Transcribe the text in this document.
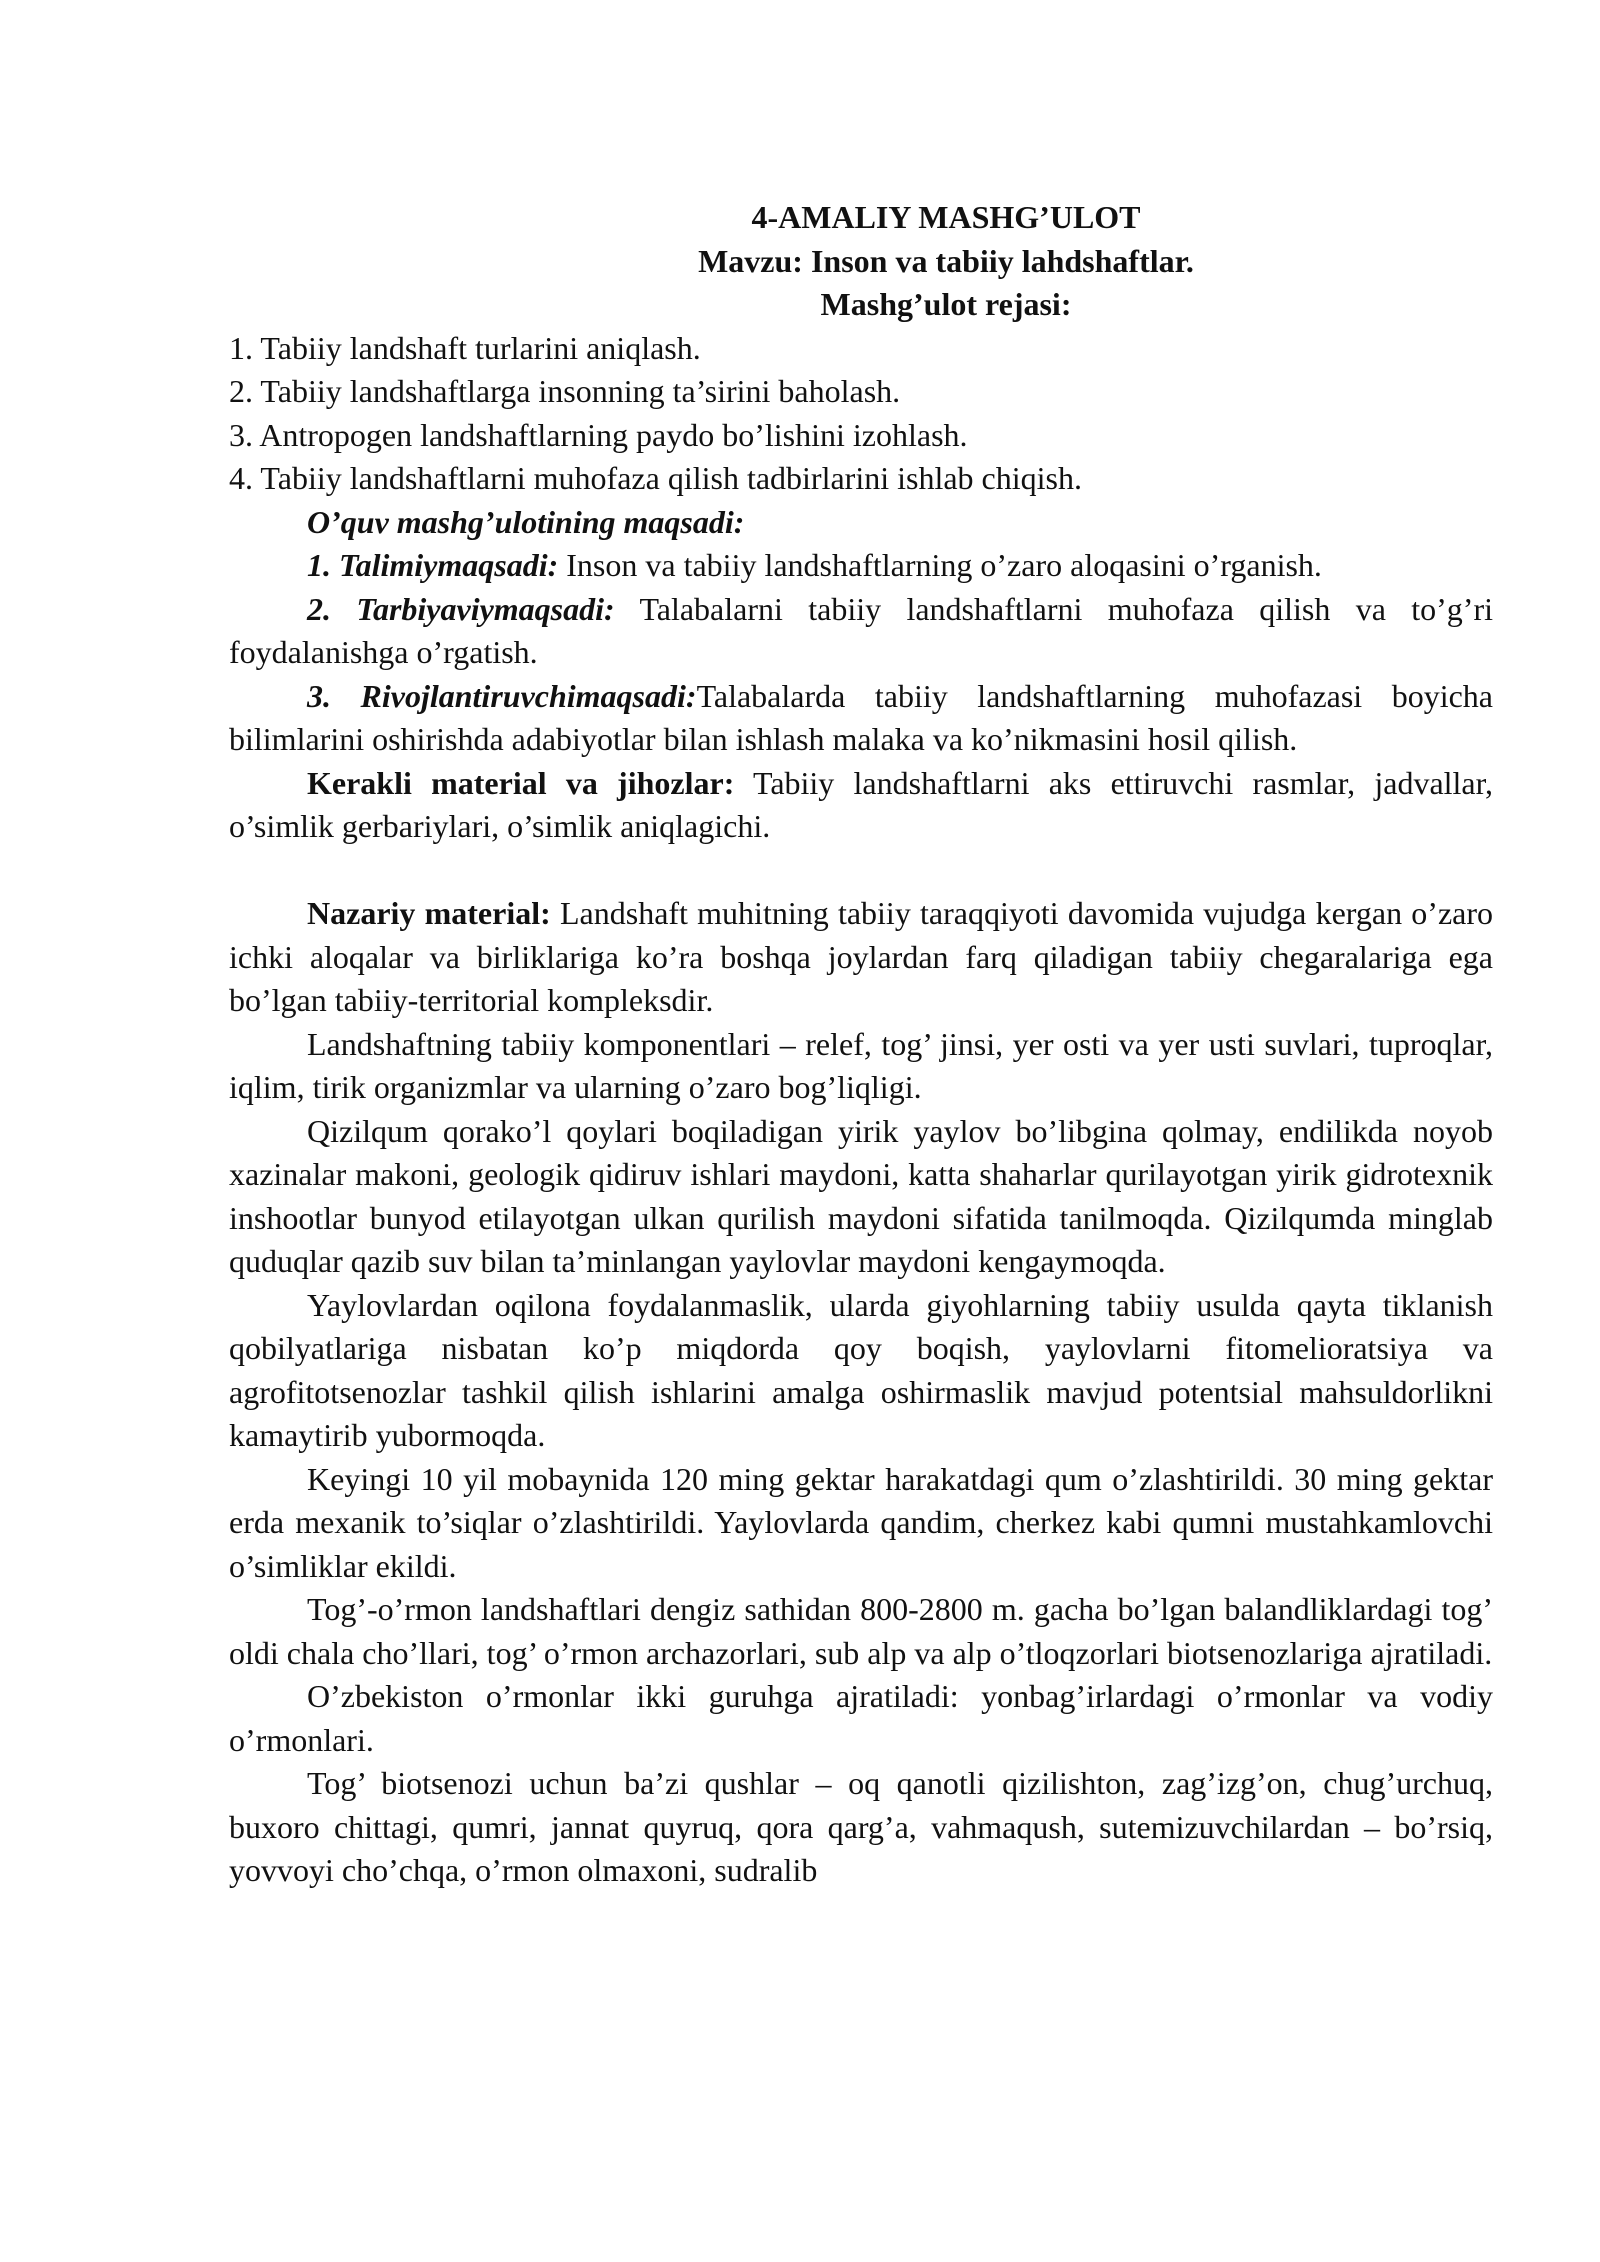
4-AMALIY MASHG’ULOT
Mavzu: Inson va tabiiy lahdshaftlar.
Mashg’ulot rejasi:
1. Tabiiy landshaft turlarini aniqlash.
2. Tabiiy landshaftlarga insonning ta’sirini baholash.
3. Antropogen landshaftlarning paydo bo’lishini izohlash.
4. Tabiiy landshaftlarni muhofaza qilish tadbirlarini ishlab chiqish.
O’quv mashg’ulotining maqsadi:
1. Talimiymaqsadi: Inson va tabiiy landshaftlarning o’zaro aloqasini o’rganish.
2. Tarbiyaviymaqsadi: Talabalarni tabiiy landshaftlarni muhofaza qilish va to’g’ri foydalanishga o’rgatish.
3. Rivojlantiruvchimaqsadi:Talabalarda tabiiy landshaftlarning muhofazasi boyicha bilimlarini oshirishda adabiyotlar bilan ishlash malaka va ko’nikmasini hosil qilish.
Kerakli material va jihozlar: Tabiiy landshaftlarni aks ettiruvchi rasmlar, jadvallar, o’simlik gerbariylari, o’simlik aniqlagichi.
Nazariy material: Landshaft muhitning tabiiy taraqqiyoti davomida vujudga kergan o’zaro ichki aloqalar va birliklariga ko’ra boshqa joylardan farq qiladigan tabiiy chegaralariga ega bo’lgan tabiiy-territorial kompleksdir.
Landshaftning tabiiy komponentlari – relef, tog’ jinsi, yer osti va yer usti suvlari, tuproqlar, iqlim, tirik organizmlar va ularning o’zaro bog’liqligi.
Qizilqum qorako’l qoylari boqiladigan yirik yaylov bo’libgina qolmay, endilikda noyob xazinalar makoni, geologik qidiruv ishlari maydoni, katta shaharlar qurilayotgan yirik gidrotexnik inshootlar bunyod etilayotgan ulkan qurilish maydoni sifatida tanilmoqda. Qizilqumda minglab quduqlar qazib suv bilan ta’minlangan yaylovlar maydoni kengaymoqda.
Yaylovlardan oqilona foydalanmaslik, ularda giyohlarning tabiiy usulda qayta tiklanish qobilyatlariga nisbatan ko’p miqdorda qoy boqish, yaylovlarni fitomelioratsiya va agrofitotsenozlar tashkil qilish ishlarini amalga oshirmaslik mavjud potentsial mahsuldorlikni kamaytirib yubormoqda.
Keyingi 10 yil mobaynida 120 ming gektar harakatdagi qum o’zlashtirildi. 30 ming gektar erda mexanik to’siqlar o’zlashtirildi. Yaylovlarda qandim, cherkez kabi qumni mustahkamlovchi o’simliklar ekildi.
Tog’-o’rmon landshaftlari dengiz sathidan 800-2800 m. gacha bo’lgan balandliklardagi tog’ oldi chala cho’llari, tog’ o’rmon archazorlari, sub alp va alp o’tloqzorlari biotsenozlariga ajratiladi.
O’zbekiston o’rmonlar ikki guruhga ajratiladi: yonbag’irlardagi o’rmonlar va vodiy o’rmonlari.
Tog’ biotsenozi uchun ba’zi qushlar – oq qanotli qizilishton, zag’izg’on, chug’urchuq, buxoro chittagi, qumri, jannat quyruq, qora qarg’a, vahmaqush, sutemizuvchilardan – bo’rsiq, yovvoyi cho’chqa, o’rmon olmaxoni, sudralib
